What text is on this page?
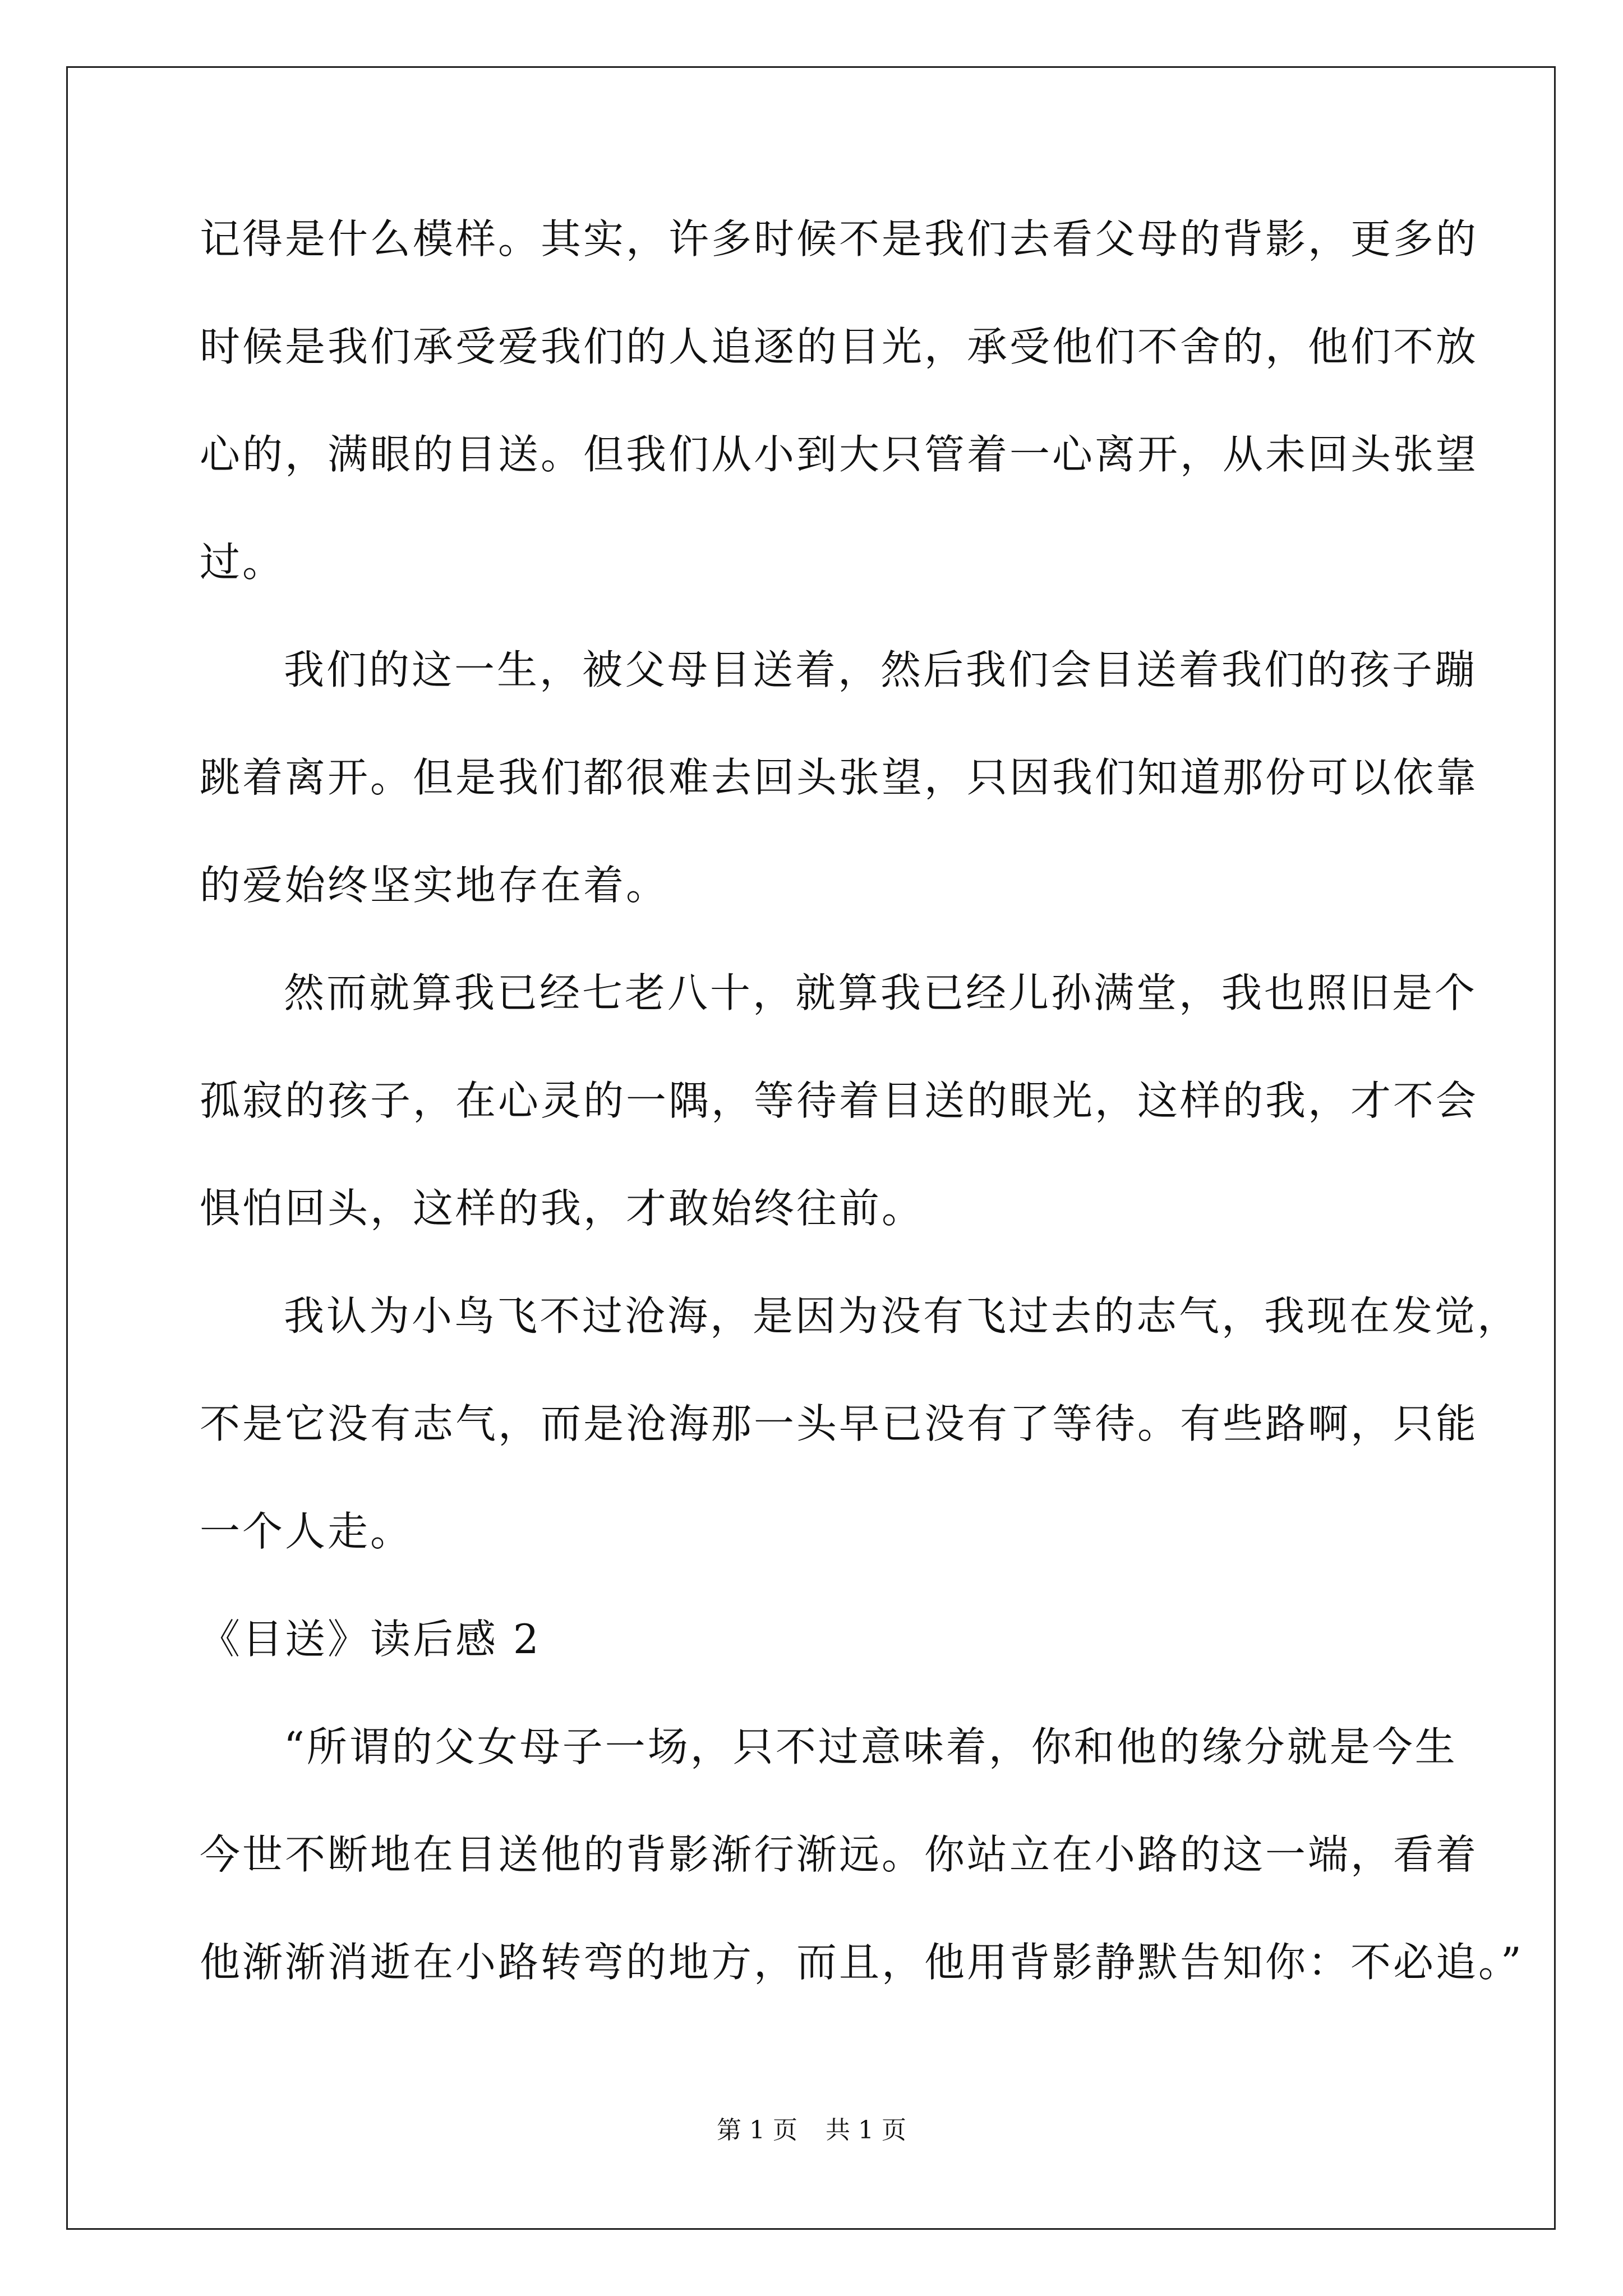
记得是什么模样。其实，许多时候不是我们去看父母的背影，更多的
时候是我们承受爱我们的人追逐的目光，承受他们不舍的，他们不放
心的，满眼的目送。但我们从小到大只管着一心离开，从未回头张望
过。
我们的这一生，被父母目送着，然后我们会目送着我们的孩子蹦
跳着离开。但是我们都很难去回头张望，只因我们知道那份可以依靠
的爱始终坚实地存在着。
然而就算我已经七老八十，就算我已经儿孙满堂，我也照旧是个
孤寂的孩子，在心灵的一隅，等待着目送的眼光，这样的我，才不会
惧怕回头，这样的我，才敢始终往前。
我认为小鸟飞不过沧海，是因为没有飞过去的志气，我现在发觉，
不是它没有志气，而是沧海那一头早已没有了等待。有些路啊，只能
一个人走。
《目送》读后感 2
“所谓的父女母子一场，只不过意味着，你和他的缘分就是今生
今世不断地在目送他的背影渐行渐远。你站立在小路的这一端，看着
他渐渐消逝在小路转弯的地方，而且，他用背影静默告知你：不必追。”
第 1 页 共 1 页
